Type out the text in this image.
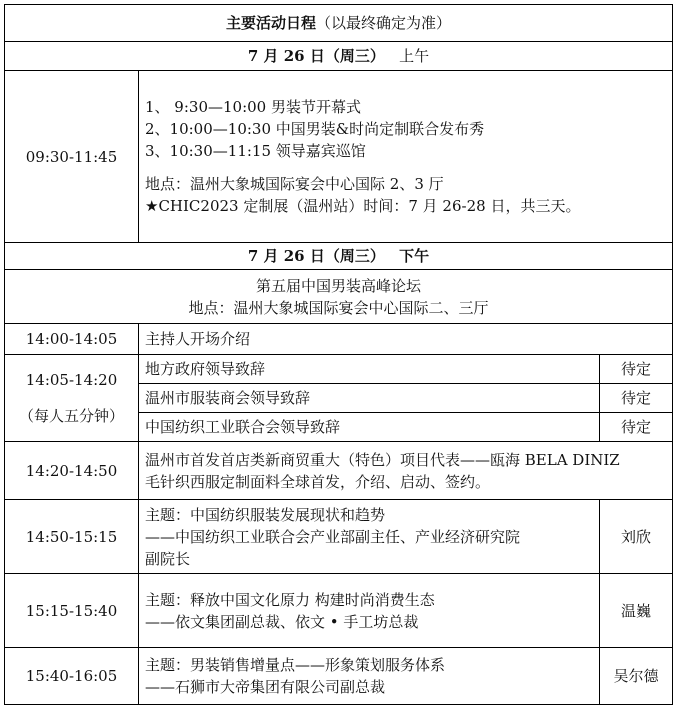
主要活动日程（以最终确定为准）		
7 月 26 日（周三） 上午		
09:30-11:45	1、 9:30—10:00 男装节开幕式
2、10:00—10:30 中国男装&时尚定制联合发布秀
3、10:30—11:15 领导嘉宾巡馆
地点：温州大象城国际宴会中心国际 2、3 厅
★CHIC2023 定制展（温州站）时间：7 月 26-28 日，共三天。	

7 月 26 日（周三） 下午		

第五届中国男装高峰论坛
地点：温州大象城国际宴会中心国际二、三厅		

14:00-14:05	主持人开场介绍	

14:05-14:20
（每人五分钟）	地方政府领导致辞	待定
	温州市服装商会领导致辞	待定
	中国纺织工业联合会领导致辞	待定
14:20-14:50	温州市首发首店类新商贸重大（特色）项目代表——瓯海 BELA DINIZ
毛针织西服定制面料全球首发，介绍、启动、签约。	

14:50-15:15	主题：中国纺织服装发展现状和趋势
——中国纺织工业联合会产业部副主任、产业经济研究院
副院长	刘欣
15:15-15:40	主题：释放中国文化原力 构建时尚消费生态
——依文集团副总裁、依文 • 手工坊总裁	温巍
15:40-16:05	主题：男装销售增量点——形象策划服务体系
——石狮市大帝集团有限公司副总裁	吴尔德
